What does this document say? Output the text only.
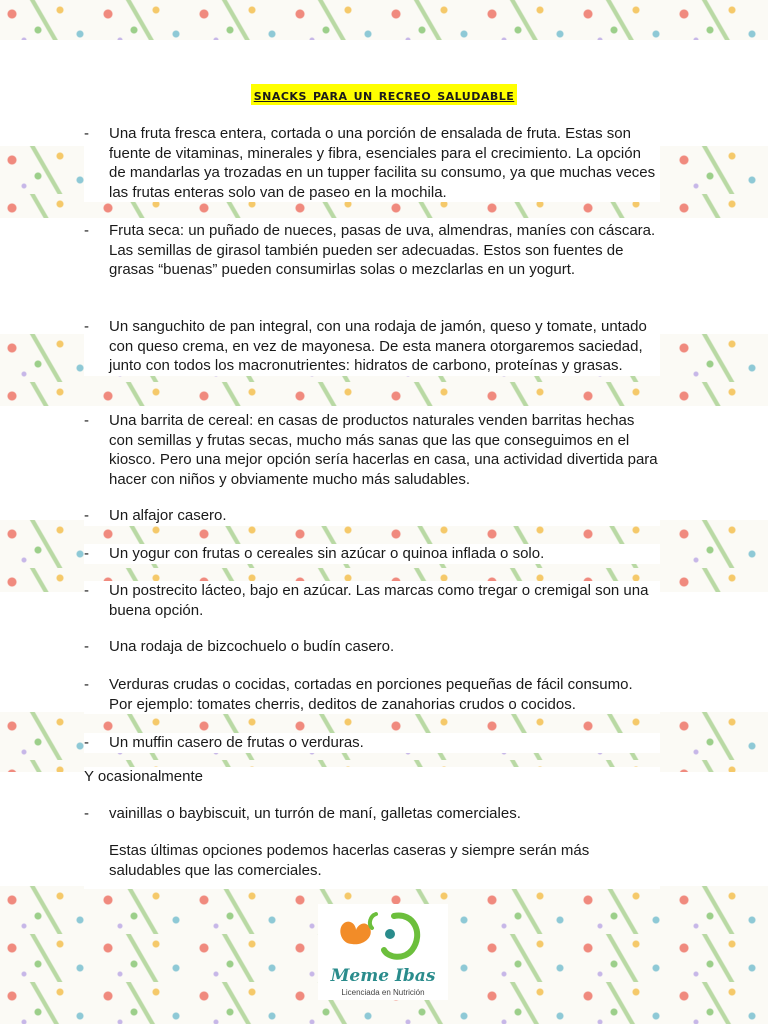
snacks para un recreo saludable
-	Una fruta fresca entera, cortada o una porción de ensalada de fruta. Estas son fuente de vitaminas, minerales y fibra, esenciales para el crecimiento. La opción de mandarlas ya trozadas en un tupper facilita su consumo, ya que muchas veces las frutas enteras solo van de paseo en la mochila.
-	Fruta seca: un puñado de nueces, pasas de uva, almendras, maníes con cáscara. Las semillas de girasol también pueden ser adecuadas. Estos son fuentes de grasas “buenas” pueden consumirlas solas o mezclarlas en un yogurt.
-	Un sanguchito de pan integral, con una rodaja de jamón, queso y tomate, untado con queso crema, en vez de mayonesa. De esta manera otorgaremos saciedad, junto con todos los macronutrientes: hidratos de carbono, proteínas y grasas.
-	Una barrita de cereal: en casas de productos naturales venden barritas hechas con semillas y frutas secas, mucho más sanas que las que conseguimos en el kiosco. Pero una mejor opción sería hacerlas en casa, una actividad divertida para hacer con niños y obviamente mucho más saludables.
-	Un alfajor casero.
-	Un yogur con frutas o cereales sin azúcar o quinoa inflada o solo.
-	Un postrecito lácteo, bajo en azúcar. Las marcas como tregar o cremigal son una buena opción.
-	Una rodaja de bizcochuelo o budín casero.
-	Verduras crudas o cocidas, cortadas en porciones pequeñas de fácil consumo. Por ejemplo: tomates cherris, deditos de zanahorias crudos o cocidos.
-	Un muffin casero de frutas o verduras.
Y ocasionalmente
-	vainillas o baybiscuit, un turrón de maní, galletas comerciales.
Estas últimas opciones podemos hacerlas caseras y siempre serán más saludables que las comerciales.
Meme Ibas
Licenciada en Nutrición
